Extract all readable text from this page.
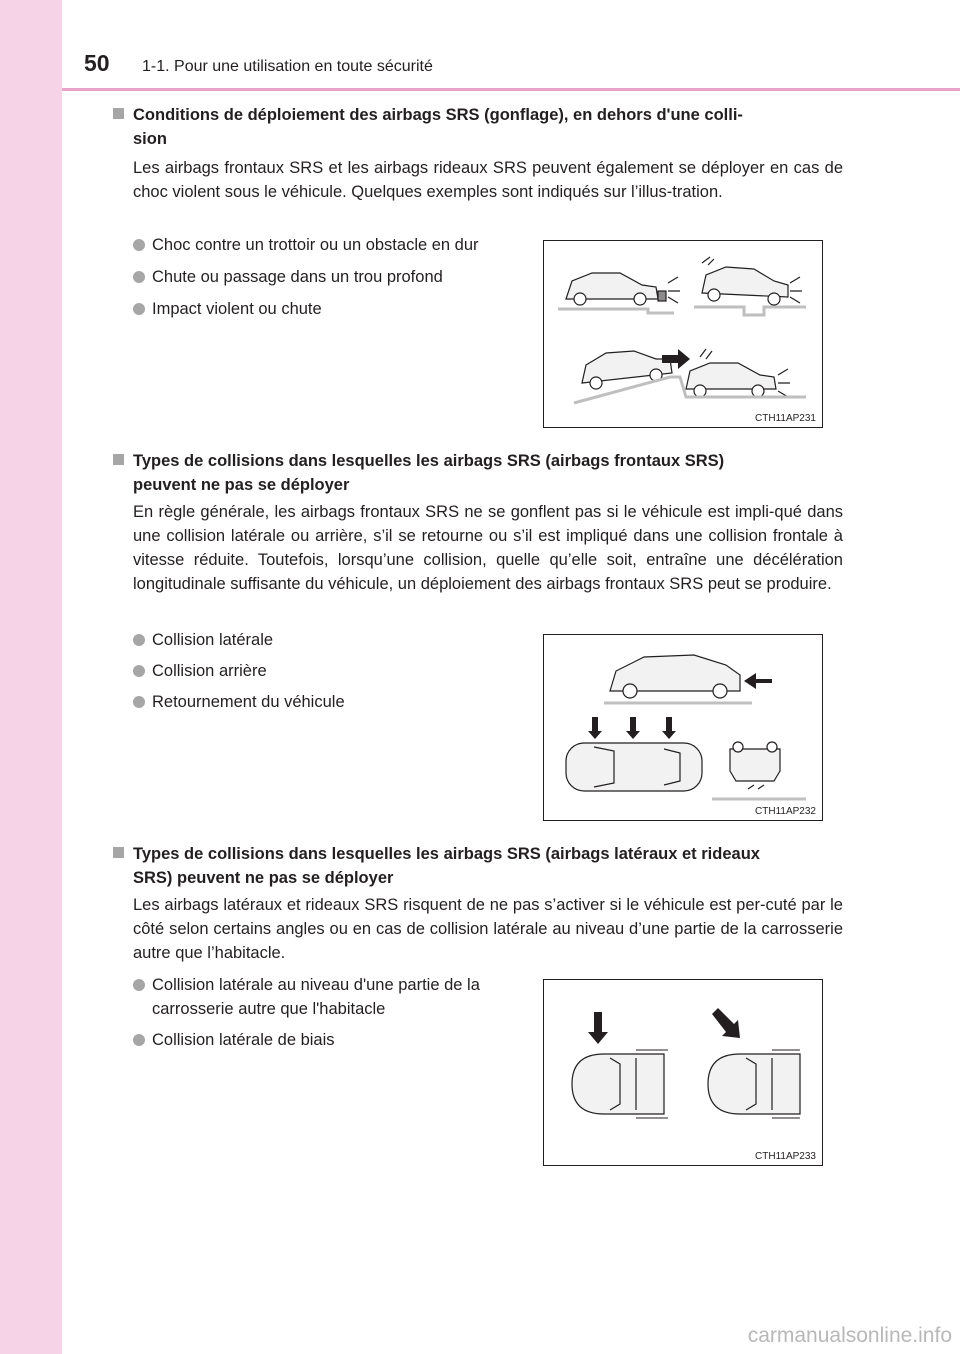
50 1-1. Pour une utilisation en toute sécurité
Conditions de déploiement des airbags SRS (gonflage), en dehors d'une colli-
sion
Les airbags frontaux SRS et les airbags rideaux SRS peuvent également se déployer en cas de choc violent sous le véhicule. Quelques exemples sont indiqués sur l’illus-tration.
Choc contre un trottoir ou un obstacle en dur
Chute ou passage dans un trou profond
Impact violent ou chute
CTH11AP231
Types de collisions dans lesquelles les airbags SRS (airbags frontaux SRS)
peuvent ne pas se déployer
En règle générale, les airbags frontaux SRS ne se gonflent pas si le véhicule est impli-qué dans une collision latérale ou arrière, s’il se retourne ou s’il est impliqué dans une collision frontale à vitesse réduite. Toutefois, lorsqu’une collision, quelle qu’elle soit, entraîne une décélération longitudinale suffisante du véhicule, un déploiement des airbags frontaux SRS peut se produire.
Collision latérale
Collision arrière
Retournement du véhicule
CTH11AP232
Types de collisions dans lesquelles les airbags SRS (airbags latéraux et rideaux
SRS) peuvent ne pas se déployer
Les airbags latéraux et rideaux SRS risquent de ne pas s’activer si le véhicule est per-cuté par le côté selon certains angles ou en cas de collision latérale au niveau d’une partie de la carrosserie autre que l’habitacle.
Collision latérale au niveau d'une partie de la
carrosserie autre que l'habitacle
Collision latérale de biais
CTH11AP233
carmanualsonline.info
